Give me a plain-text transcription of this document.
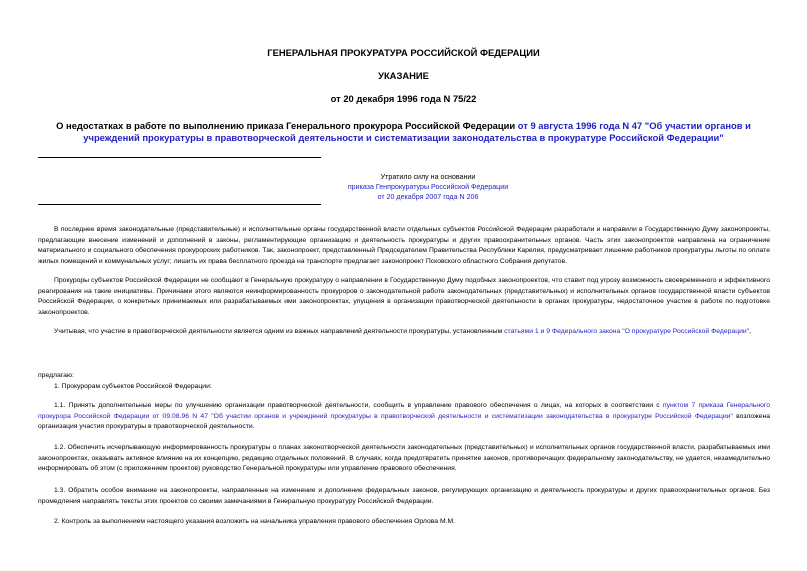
ГЕНЕРАЛЬНАЯ ПРОКУРАТУРА РОССИЙСКОЙ ФЕДЕРАЦИИ
УКАЗАНИЕ
от 20 декабря 1996 года N 75/22
О недостатках в работе по выполнению приказа Генерального прокурора Российской Федерации от 9 августа 1996 года N 47 "Об участии органов и учреждений прокуратуры в правотворческой деятельности и систематизации законодательства в прокуратуре Российской Федерации"
Утратило силу на основании
приказа Генпрокуратуры Российской Федерации
от 20 декабря 2007 года N 206
В последнее время законодательные (представительные) и исполнительные органы государственной власти отдельных субъектов Российской Федерации разработали и направили в Государственную Думу законопроекты, предлагающие внесение изменений и дополнений в законы, регламентирующие организацию и деятельность прокуратуры и других правоохранительных органов. Часть этих законопроектов направлена на ограничение материального и социального обеспечения прокурорских работников. Так, законопроект, представленный Председателем Правительства Республики Карелия, предусматривает лишение работников прокуратуры льготы по оплате жилых помещений и коммунальных услуг; лишить их права бесплатного проезда на транспорте предлагает законопроект Псковского областного Собрания депутатов.
Прокуроры субъектов Российской Федерации не сообщают в Генеральную прокуратуру о направлении в Государственную Думу подобных законопроектов, что ставит под угрозу возможность своевременного и эффективного реагирования на такие инициативы. Причинами этого являются неинформированность прокуроров о законодательной работе законодательных (представительных) и исполнительных органов государственной власти субъектов Российской Федерации, о конкретных принимаемых или разрабатываемых ими законопроектах, упущения в организации правотворческой деятельности в органах прокуратуры, недостаточное участие в работе по подготовке законопроектов.
Учитывая, что участие в правотворческой деятельности является одним из важных направлений деятельности прокуратуры, установленным статьями 1 и 9 Федерального закона "О прокуратуре Российской Федерации",
предлагаю:
1. Прокурорам субъектов Российской Федерации:
1.1. Принять дополнительные меры по улучшению организации правотворческой деятельности, сообщить в управление правового обеспечения о лицах, на которых в соответствии с пунктом 7 приказа Генерального прокурора Российской Федерации от 09.08.96 N 47 "Об участии органов и учреждений прокуратуры в правотворческой деятельности и систематизации законодательства в прокуратуре Российской Федерации" возложена организация участия прокуратуры в правотворческой деятельности.
1.2. Обеспечить исчерпывающую информированность прокуратуры о планах законотворческой деятельности законодательных (представительных) и исполнительных органов государственной власти, разрабатываемых ими законопроектах, оказывать активное влияние на их концепцию, редакцию отдельных положений. В случаях, когда предотвратить принятие законов, противоречащих федеральному законодательству, не удается, незамедлительно информировать об этом (с приложением проектов) руководство Генеральной прокуратуры или управление правового обеспечения.
1.3. Обратить особое внимание на законопроекты, направленные на изменение и дополнение федеральных законов, регулирующих организацию и деятельность прокуратуры и других правоохранительных органов. Без промедления направлять тексты этих проектов со своими замечаниями в Генеральную прокуратуру Российской Федерации.
2. Контроль за выполнением настоящего указания возложить на начальника управления правового обеспечения Орлова М.М.
